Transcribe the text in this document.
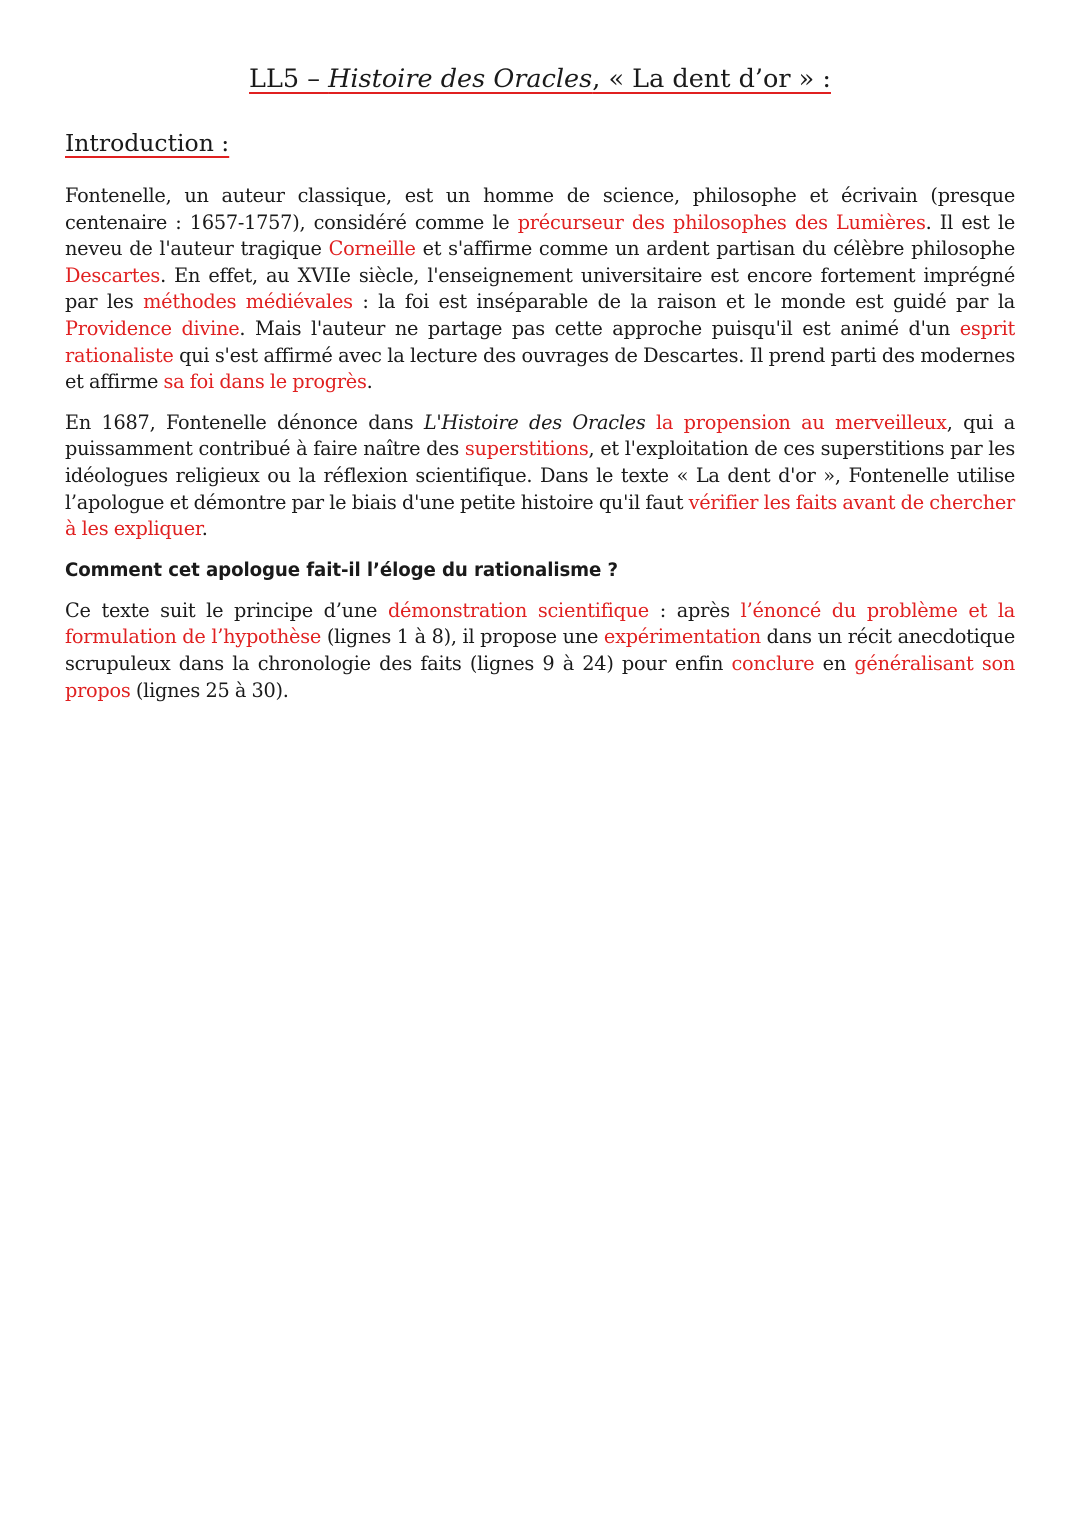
LL5 – Histoire des Oracles, « La dent d’or » :
Introduction :

Fontenelle, un auteur classique, est un homme de science, philosophe et écrivain (presque centenaire : 1657-1757), considéré comme le précurseur des philosophes des Lumières. Il est le neveu de l'auteur tragique Corneille et s'affirme comme un ardent partisan du célèbre philosophe Descartes. En effet, au XVIIe siècle, l'enseignement universitaire est encore fortement imprégné par les méthodes médiévales : la foi est inséparable de la raison et le monde est guidé par la Providence divine. Mais l'auteur ne partage pas cette approche puisqu'il est animé d'un esprit rationaliste qui s'est affirmé avec la lecture des ouvrages de Descartes. Il prend parti des modernes et affirme sa foi dans le progrès.

En 1687, Fontenelle dénonce dans L'Histoire des Oracles la propension au merveilleux, qui a puissamment contribué à faire naître des superstitions, et l'exploitation de ces superstitions par les idéologues religieux ou la réflexion scientifique. Dans le texte « La dent d'or », Fontenelle utilise l’apologue et démontre par le biais d'une petite histoire qu'il faut vérifier les faits avant de chercher à les expliquer.

Comment cet apologue fait-il l’éloge du rationalisme ?

Ce texte suit le principe d’une démonstration scientifique : après l’énoncé du problème et la formulation de l’hypothèse (lignes 1 à 8), il propose une expérimentation dans un récit anecdotique scrupuleux dans la chronologie des faits (lignes 9 à 24) pour enfin conclure en généralisant son propos (lignes 25 à 30).
